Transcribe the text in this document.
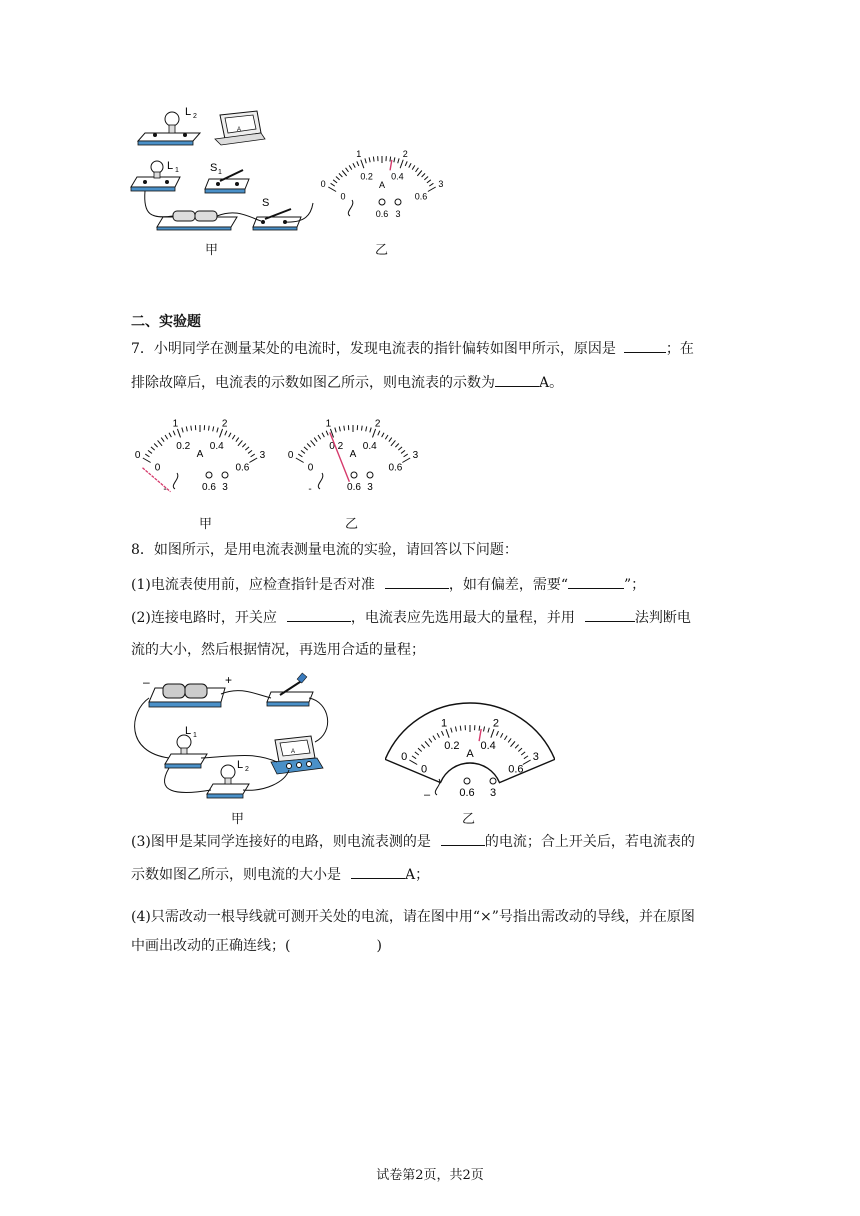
L 2
L 1	S 1
S
A
0
0
1
0.2
2
0.4
3
0.6
A
0.6 3
甲	乙
二、实验题
7．小明同学在测量某处的电流时，发现电流表的指针偏转如图甲所示，原因是	；在
排除故障后，电流表的示数如图乙所示，则电流表的示数为	A。
0
0
1
0.2
2
0.4
3
0.6
A
0.6 3
-
0
0
1
0.2
2
0.4
3
0.6
A
0.6 3
-
甲	乙
8．如图所示，是用电流表测量电流的实验，请回答以下问题：
(1)电流表使用前，应检查指针是否对准	，如有偏差，需要“	”；
(2)连接电路时，开关应	，电流表应先选用最大的量程，并用	法判断电
流的大小，然后根据情况，再选用合适的量程；
–	+
L 1
L 2
A	0
0
1
0.2
2
0.4
3
0.6
A
0.6 3
–
甲	乙
(3)图甲是某同学连接好的电路，则电流表测的是	的电流；合上开关后，若电流表的
示数如图乙所示，则电流的大小是	A；
(4)只需改动一根导线就可测开关处的电流，请在图中用“×”号指出需改动的导线，并在原图
中画出改动的正确连线；(	)
试卷第2页，共2页
